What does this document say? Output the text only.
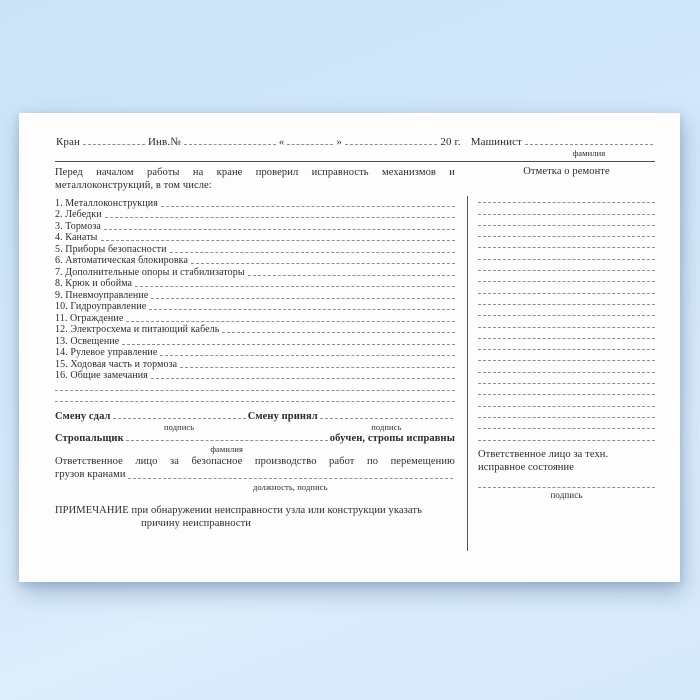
Кран	Инв.№	«	»	20 г. Машинист
фамилия
Перед началом работы на кране проверил исправность механизмов и
металлоконструкций, в том числе:
1. Металлоконструкция
2. Лебедки
3. Тормоза
4. Канаты
5. Приборы безопасности
6. Автоматическая блокировка
7. Дополнительные опоры и стабилизаторы
8. Крюк и обойма
9. Пневмоуправление
10. Гидроуправление
11. Ограждение
12. Электросхема и питающий кабель
13. Освещение
14. Рулевое управление
15. Ходовая часть и тормоза
16. Общие замечания
Смену сдал	Смену принял
подпись	подпись
Стропальщик	обучен, стропы исправны
фамилия
Ответственное лицо за безопасное производство работ по перемещению
грузов кранами
должность, подпись
ПРИМЕЧАНИЕ при обнаружении неисправности узла или конструкции указать
причину неисправности
Отметка о ремонте
Ответственное лицо за техн.
исправное состояние
подпись
